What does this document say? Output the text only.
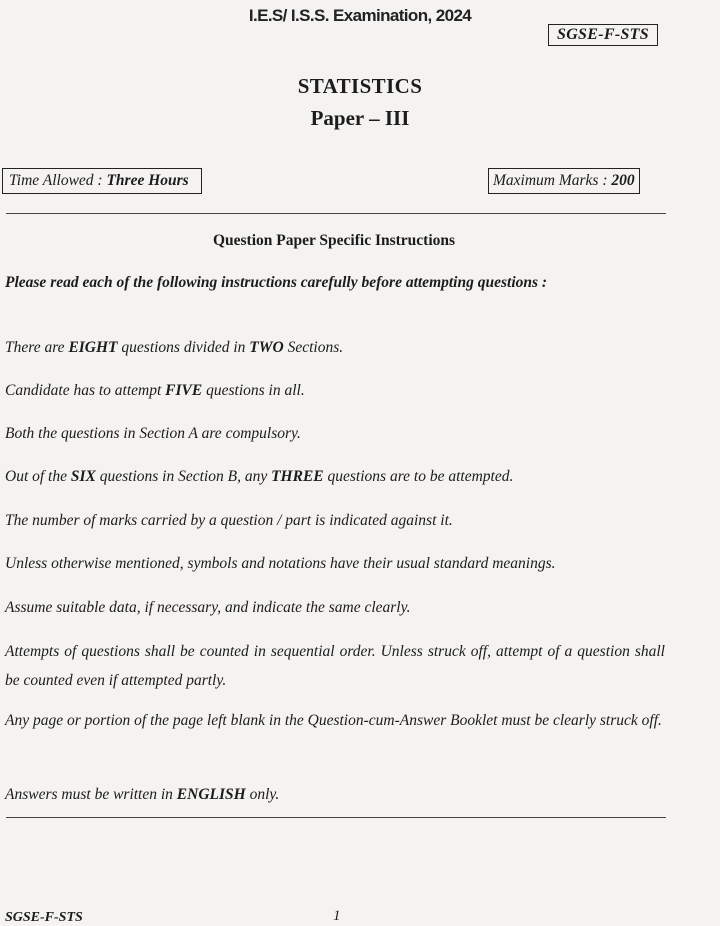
I.E.S/ I.S.S. Examination, 2024
SGSE-F-STS
STATISTICS
Paper – III
Time Allowed : Three Hours	Maximum Marks : 200
Question Paper Specific Instructions
Please read each of the following instructions carefully before attempting questions :
There are EIGHT questions divided in TWO Sections.
Candidate has to attempt FIVE questions in all.
Both the questions in Section A are compulsory.
Out of the SIX questions in Section B, any THREE questions are to be attempted.
The number of marks carried by a question / part is indicated against it.
Unless otherwise mentioned, symbols and notations have their usual standard meanings.
Assume suitable data, if necessary, and indicate the same clearly.
Attempts of questions shall be counted in sequential order. Unless struck off, attempt of a question shall be counted even if attempted partly.
Any page or portion of the page left blank in the Question-cum-Answer Booklet must be clearly struck off.
Answers must be written in ENGLISH only.
SGSE-F-STS	1
